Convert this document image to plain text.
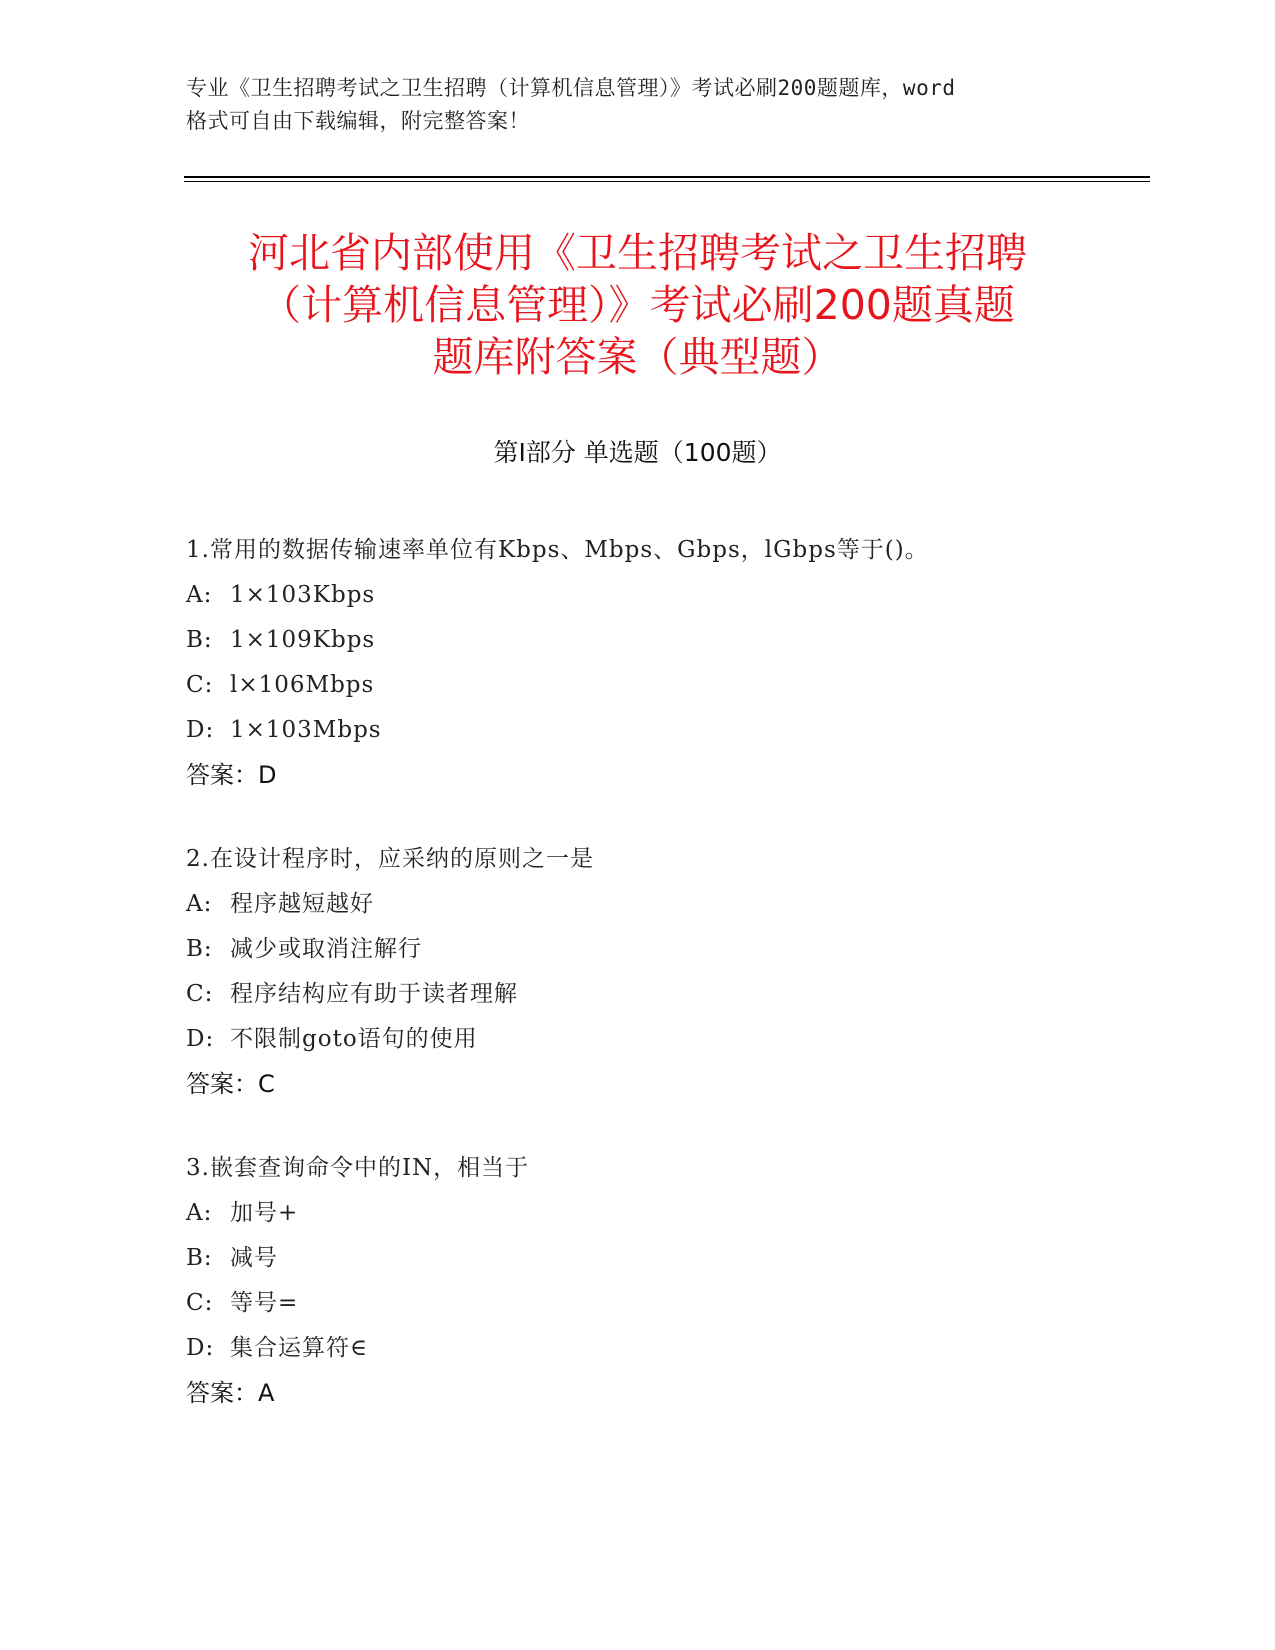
专业《卫生招聘考试之卫生招聘（计算机信息管理）》考试必刷200题题库，word
格式可自由下载编辑，附完整答案！
河北省内部使用《卫生招聘考试之卫生招聘
（计算机信息管理）》考试必刷200题真题
题库附答案（典型题）
第Ⅰ部分 单选题（100题）
1.常用的数据传输速率单位有Kbps、Mbps、Gbps，lGbps等于()。
A: 1×103Kbps
B: 1×109Kbps
C: l×106Mbps
D: 1×103Mbps
答案：D
2.在设计程序时，应采纳的原则之一是
A: 程序越短越好
B: 减少或取消注解行
C: 程序结构应有助于读者理解
D: 不限制goto语句的使用
答案：C
3.嵌套查询命令中的IN，相当于
A: 加号+
B: 减号
C: 等号=
D: 集合运算符∈
答案：A
